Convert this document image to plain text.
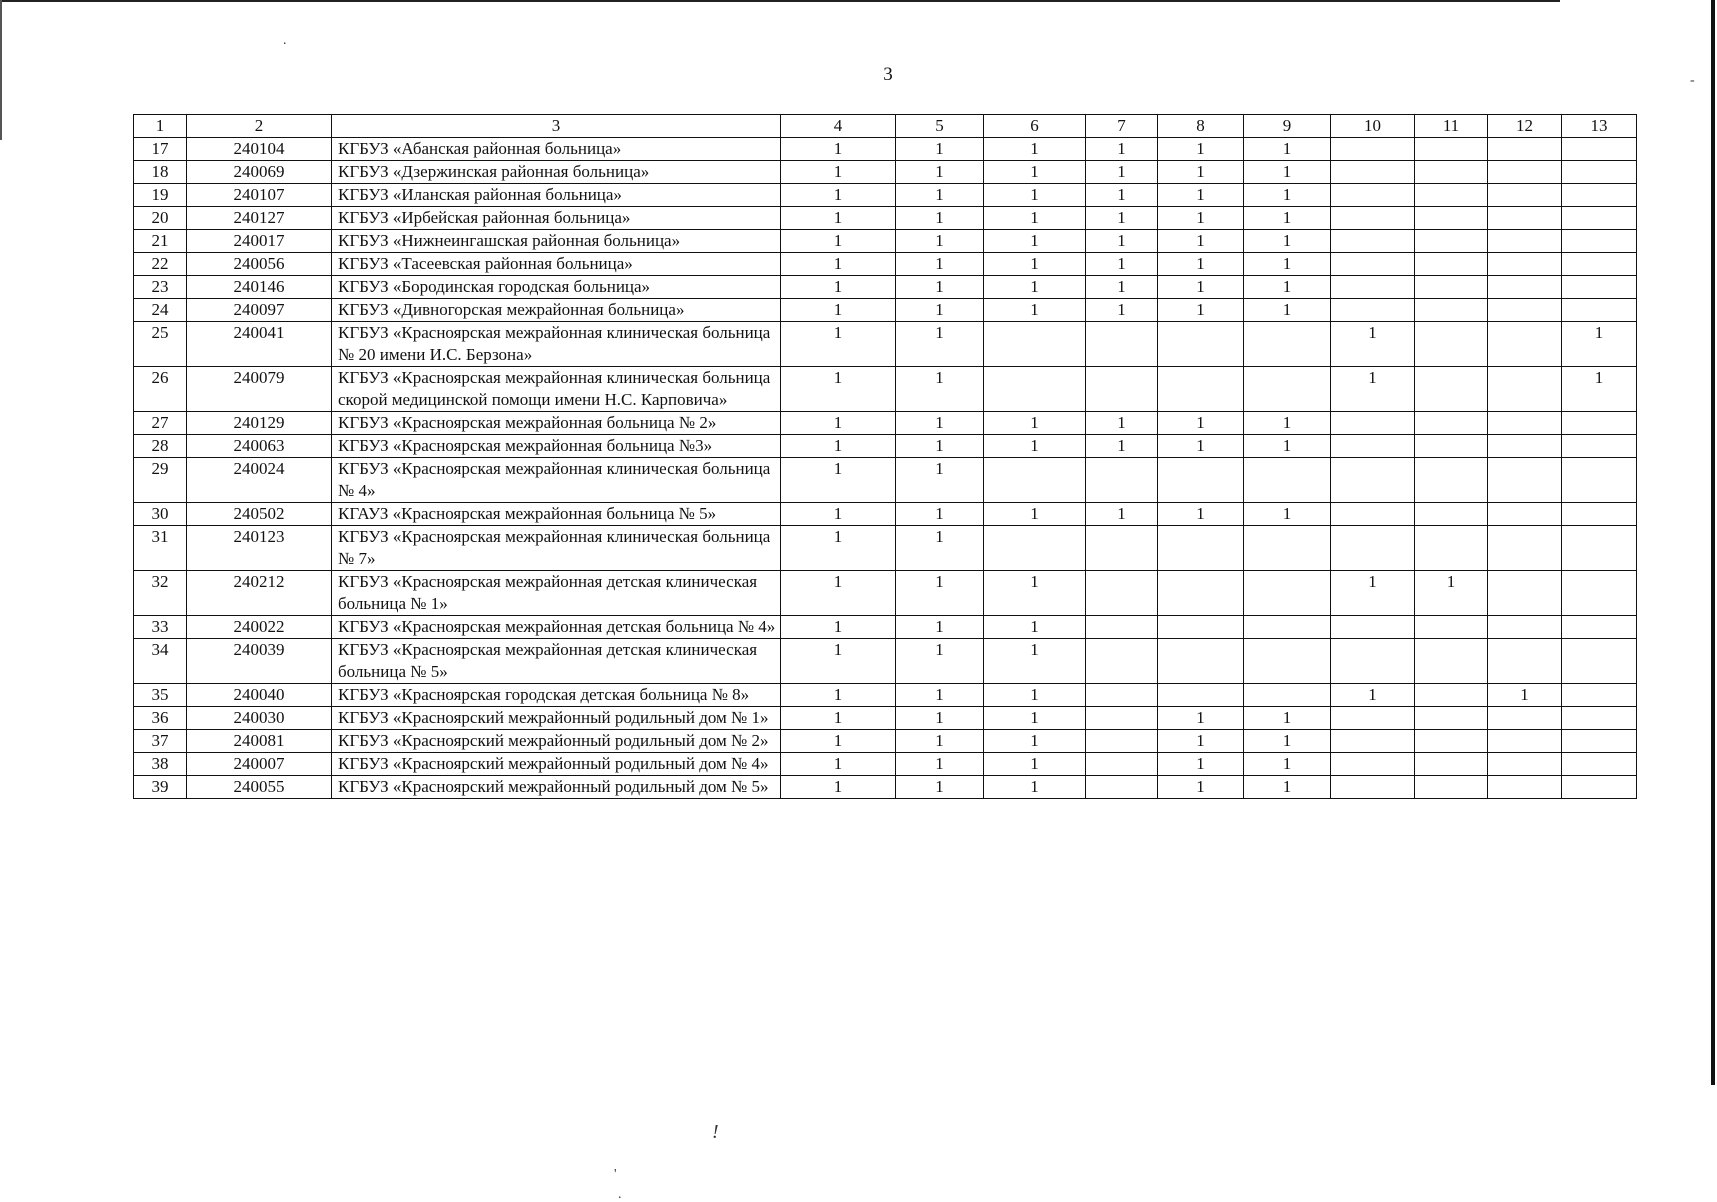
.
-
!
'
.
3
1	2	3	4	5	6	7	8	9	10	11	12	13
17	240104	КГБУЗ «Абанская районная больница»	1	1	1	1	1	1				
18	240069	КГБУЗ «Дзержинская районная больница»	1	1	1	1	1	1				
19	240107	КГБУЗ «Иланская районная больница»	1	1	1	1	1	1				
20	240127	КГБУЗ «Ирбейская районная больница»	1	1	1	1	1	1				
21	240017	КГБУЗ «Нижнеингашская районная больница»	1	1	1	1	1	1				
22	240056	КГБУЗ «Тасеевская районная больница»	1	1	1	1	1	1				
23	240146	КГБУЗ «Бородинская городская больница»	1	1	1	1	1	1				
24	240097	КГБУЗ «Дивногорская межрайонная больница»	1	1	1	1	1	1				
25	240041	КГБУЗ «Красноярская межрайонная клиническая больница № 20 имени И.С. Берзона»	1	1					1			1
26	240079	КГБУЗ «Красноярская межрайонная клиническая больница скорой медицинской помощи имени Н.С. Карповича»	1	1					1			1
27	240129	КГБУЗ «Красноярская межрайонная больница № 2»	1	1	1	1	1	1				
28	240063	КГБУЗ «Красноярская межрайонная больница №3»	1	1	1	1	1	1				
29	240024	КГБУЗ «Красноярская межрайонная клиническая больница № 4»	1	1								
30	240502	КГАУЗ «Красноярская межрайонная больница № 5»	1	1	1	1	1	1				
31	240123	КГБУЗ «Красноярская межрайонная клиническая больница № 7»	1	1								
32	240212	КГБУЗ «Красноярская межрайонная детская клиническая больница № 1»	1	1	1				1	1		
33	240022	КГБУЗ «Красноярская межрайонная детская больница № 4»	1	1	1							
34	240039	КГБУЗ «Красноярская межрайонная детская клиническая больница № 5»	1	1	1							
35	240040	КГБУЗ «Красноярская городская детская больница № 8»	1	1	1				1		1	
36	240030	КГБУЗ «Красноярский межрайонный родильный дом № 1»	1	1	1		1	1				
37	240081	КГБУЗ «Красноярский межрайонный родильный дом № 2»	1	1	1		1	1				
38	240007	КГБУЗ «Красноярский межрайонный родильный дом № 4»	1	1	1		1	1				
39	240055	КГБУЗ «Красноярский межрайонный родильный дом № 5»	1	1	1		1	1				
